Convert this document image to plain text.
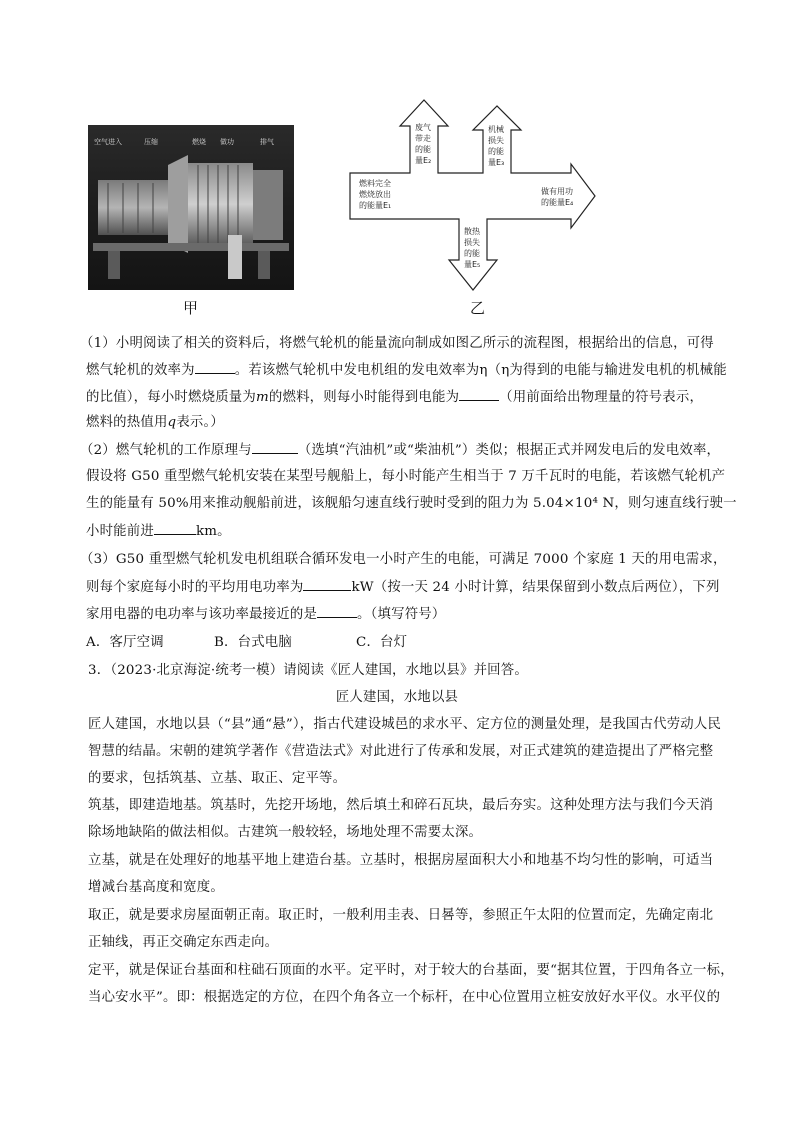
空气进入	压缩	燃烧 做功	排气
甲	乙
燃料完全
燃烧放出
的能量E₁
废气
带走
的能
量E₂
机械
损失
的能
量E₃
做有用功
的能量E₄
散热
损失
的能
量E₅
（1）小明阅读了相关的资料后，将燃气轮机的能量流向制成如图乙所示的流程图，根据给出的信息，可得
燃气轮机的效率为	。若该燃气轮机中发电机组的发电效率为η（η为得到的电能与输进发电机的机械能
的比值），每小时燃烧质量为m的燃料，则每小时能得到电能为	（用前面给出物理量的符号表示，
燃料的热值用q表示。）
（2）燃气轮机的工作原理与	（选填“汽油机”或“柴油机”）类似；根据正式并网发电后的发电效率，
假设将 G50 重型燃气轮机安装在某型号舰船上，每小时能产生相当于 7 万千瓦时的电能，若该燃气轮机产
生的能量有 50%用来推动舰船前进，该舰船匀速直线行驶时受到的阻力为 5.04×10⁴ N，则匀速直线行驶一
小时能前进	km。
（3）G50 重型燃气轮机发电机组联合循环发电一小时产生的电能，可满足 7000 个家庭 1 天的用电需求，
则每个家庭每小时的平均用电功率为	kW（按一天 24 小时计算，结果保留到小数点后两位），下列
家用电器的电功率与该功率最接近的是	。（填写符号）
A．客厅空调	B．台式电脑	C．台灯
3．（2023·北京海淀·统考一模）请阅读《匠人建国，水地以县》并回答。
匠人建国，水地以县
匠人建国，水地以县（“县”通“悬”），指古代建设城邑的求水平、定方位的测量处理，是我国古代劳动人民
智慧的结晶。宋朝的建筑学著作《营造法式》对此进行了传承和发展，对正式建筑的建造提出了严格完整
的要求，包括筑基、立基、取正、定平等。
筑基，即建造地基。筑基时，先挖开场地，然后填土和碎石瓦块，最后夯实。这种处理方法与我们今天消
除场地缺陷的做法相似。古建筑一般较轻，场地处理不需要太深。
立基，就是在处理好的地基平地上建造台基。立基时，根据房屋面积大小和地基不均匀性的影响，可适当
增减台基高度和宽度。
取正，就是要求房屋面朝正南。取正时，一般利用圭表、日晷等，参照正午太阳的位置而定，先确定南北
正轴线，再正交确定东西走向。
定平，就是保证台基面和柱础石顶面的水平。定平时，对于较大的台基面，要“据其位置，于四角各立一标，
当心安水平”。即：根据选定的方位，在四个角各立一个标杆，在中心位置用立桩安放好水平仪。水平仪的
